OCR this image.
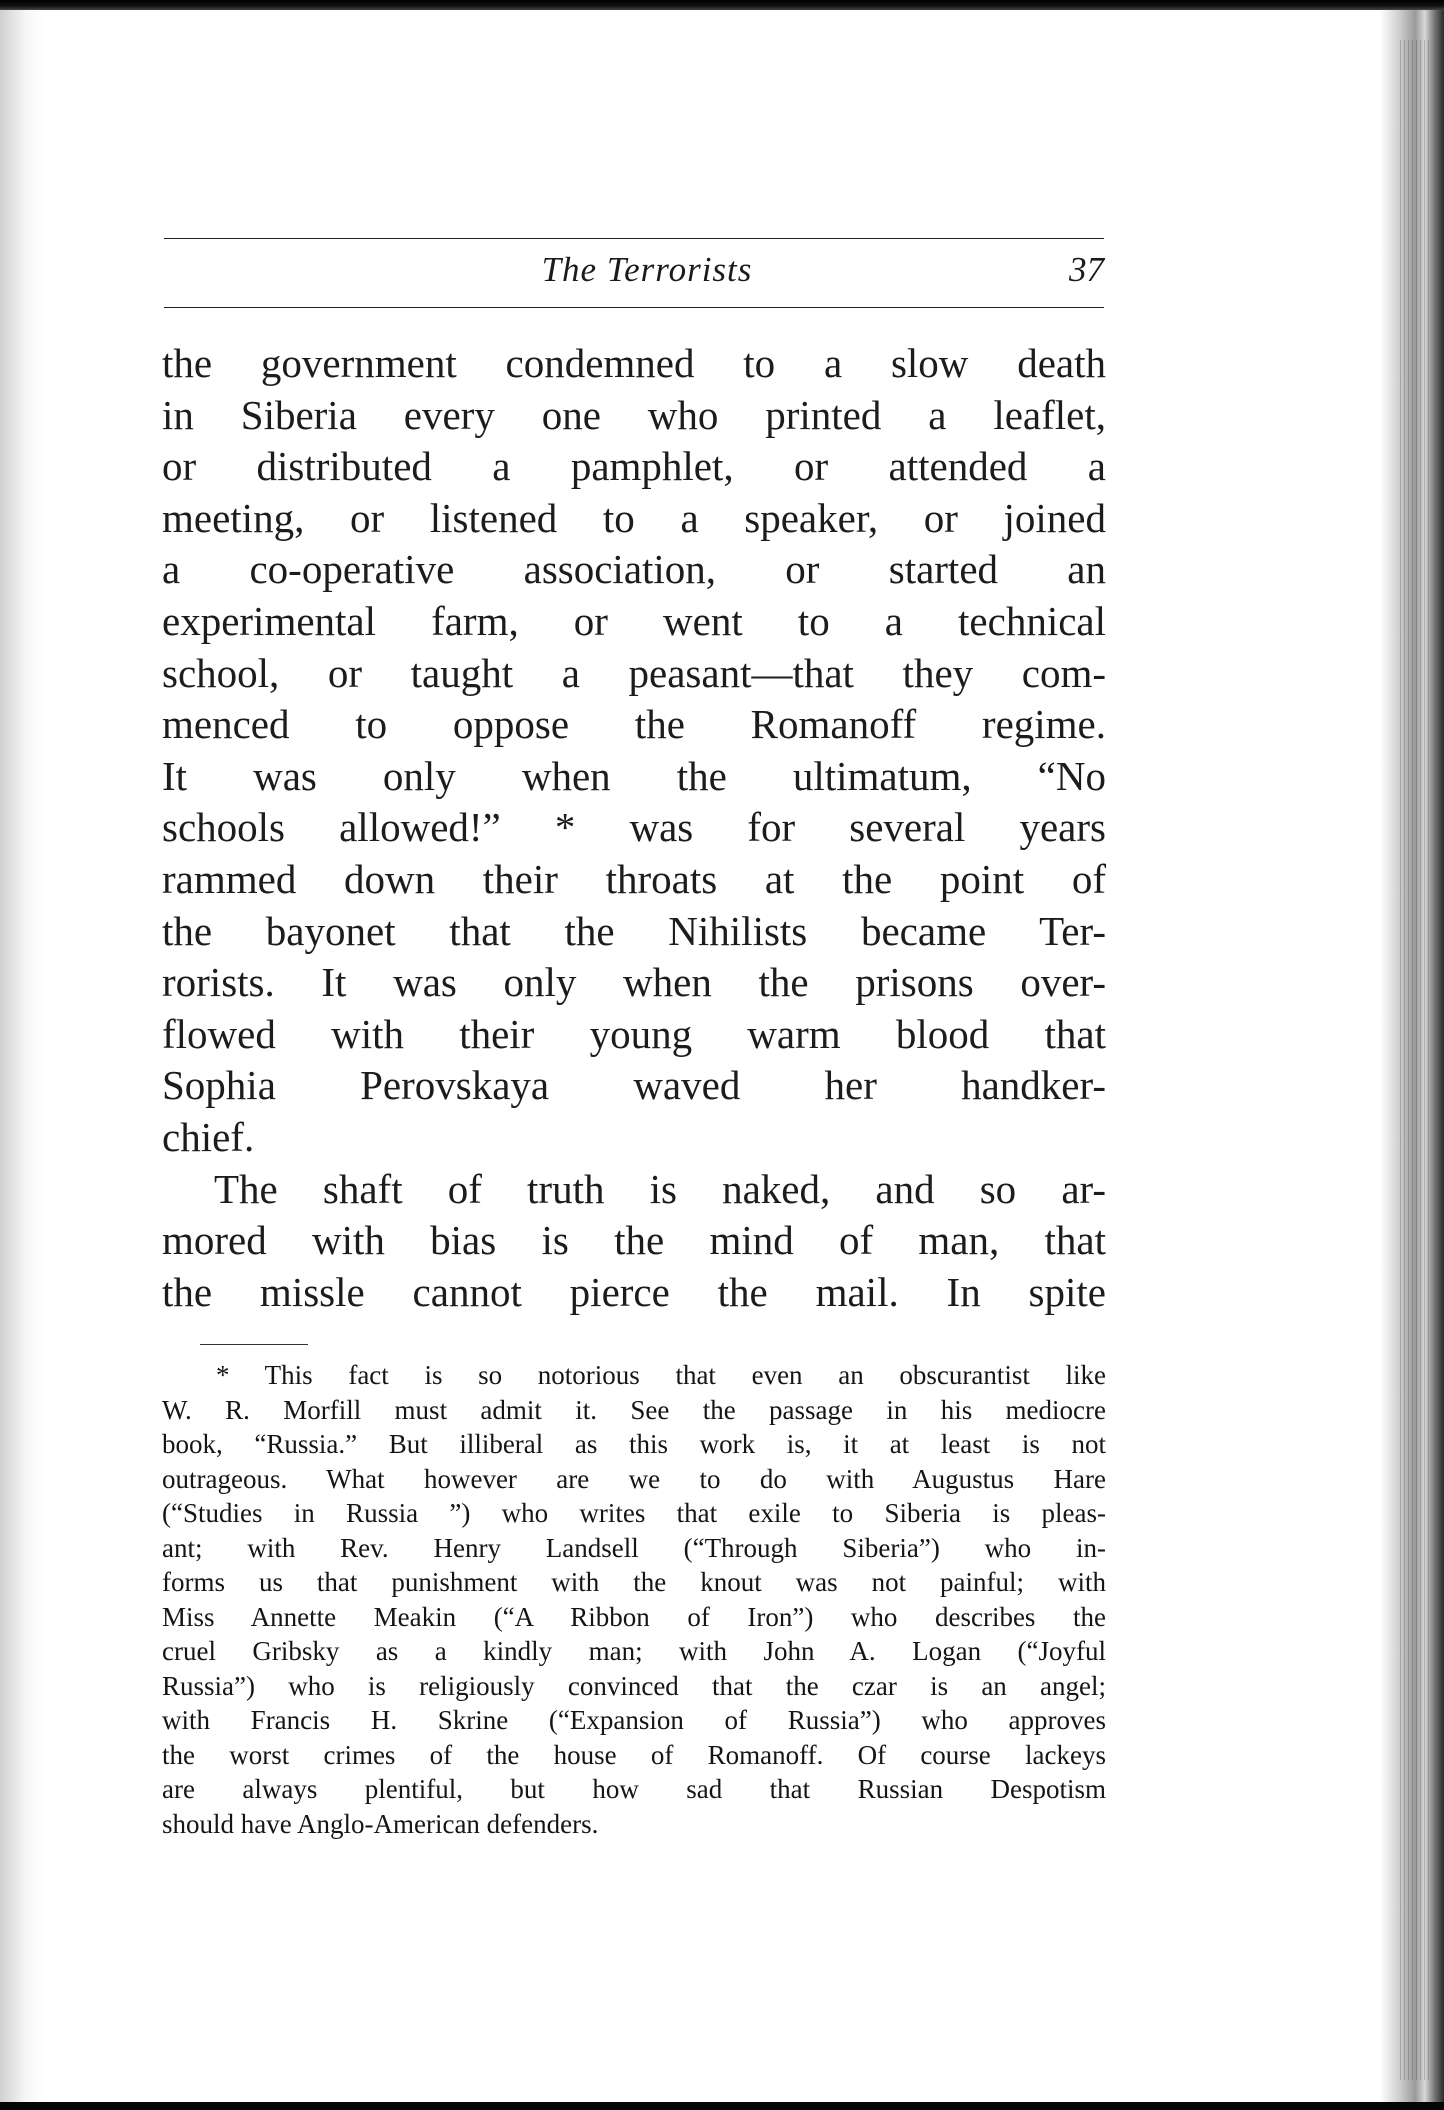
The Terrorists	37
the government condemned to a slow death
in Siberia every one who printed a leaflet,
or distributed a pamphlet, or attended a
meeting, or listened to a speaker, or joined
a co-operative association, or started an
experimental farm, or went to a technical
school, or taught a peasant—that they com-
menced to oppose the Romanoff regime.
It was only when the ultimatum, “No
schools allowed!” * was for several years
rammed down their throats at the point of
the bayonet that the Nihilists became Ter-
rorists. It was only when the prisons over-
flowed with their young warm blood that
Sophia Perovskaya waved her handker-
chief.
The shaft of truth is naked, and so ar-
mored with bias is the mind of man, that
the missle cannot pierce the mail. In spite
* This fact is so notorious that even an obscurantist like
W. R. Morfill must admit it. See the passage in his mediocre
book, “Russia.” But illiberal as this work is, it at least is not
outrageous. What however are we to do with Augustus Hare
(“Studies in Russia ”) who writes that exile to Siberia is pleas-
ant; with Rev. Henry Landsell (“Through Siberia”) who in-
forms us that punishment with the knout was not painful; with
Miss Annette Meakin (“A Ribbon of Iron”) who describes the
cruel Gribsky as a kindly man; with John A. Logan (“Joyful
Russia”) who is religiously convinced that the czar is an angel;
with Francis H. Skrine (“Expansion of Russia”) who approves
the worst crimes of the house of Romanoff. Of course lackeys
are always plentiful, but how sad that Russian Despotism
should have Anglo-American defenders.
